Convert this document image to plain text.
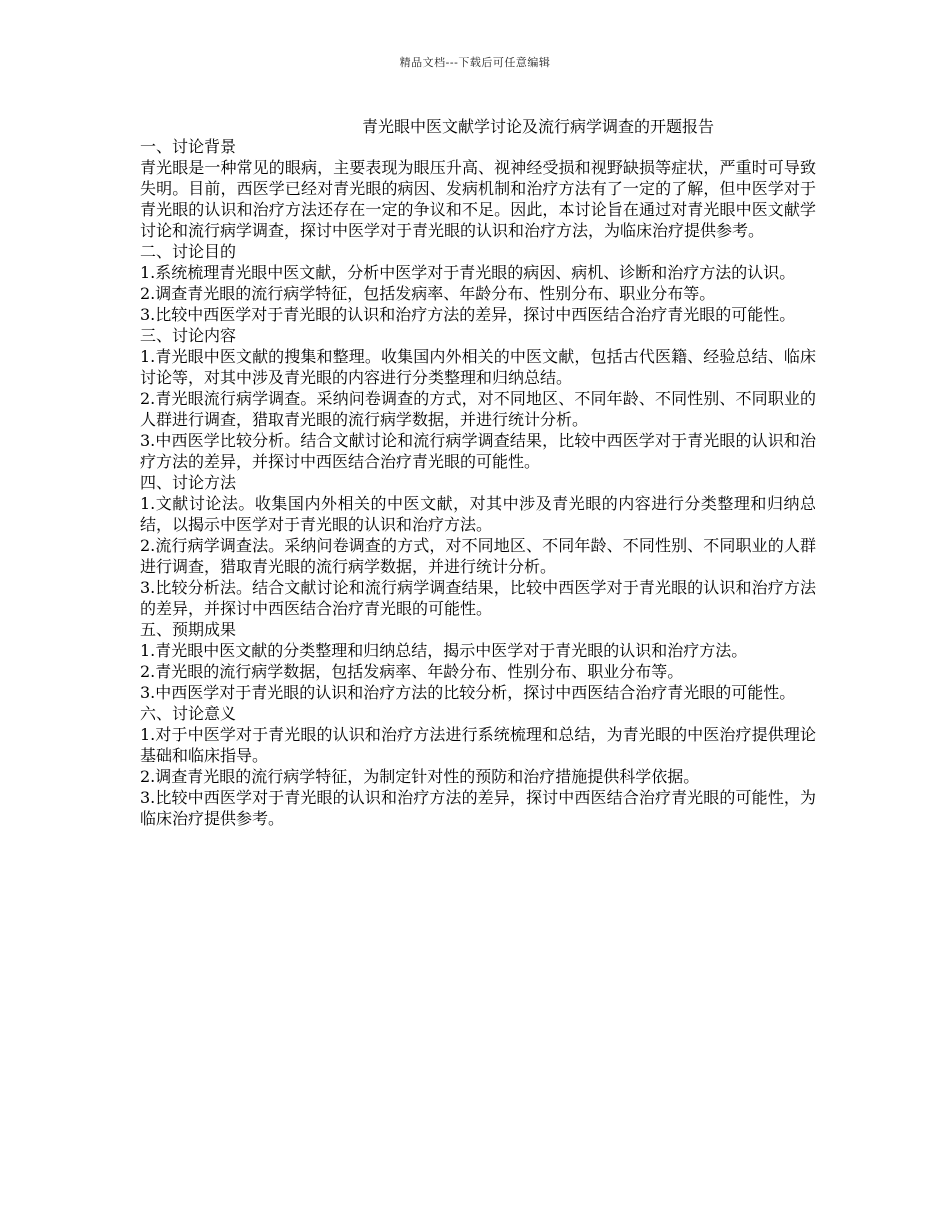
精品文档---下载后可任意编辑
青光眼中医文献学讨论及流行病学调查的开题报告

一、讨论背景

青光眼是一种常见的眼病，主要表现为眼压升高、视神经受损和视野缺损等症状，严重时可导致失明。目前，西医学已经对青光眼的病因、发病机制和治疗方法有了一定的了解，但中医学对于青光眼的认识和治疗方法还存在一定的争议和不足。因此，本讨论旨在通过对青光眼中医文献学讨论和流行病学调查，探讨中医学对于青光眼的认识和治疗方法，为临床治疗提供参考。

二、讨论目的

1.系统梳理青光眼中医文献，分析中医学对于青光眼的病因、病机、诊断和治疗方法的认识。

2.调查青光眼的流行病学特征，包括发病率、年龄分布、性别分布、职业分布等。

3.比较中西医学对于青光眼的认识和治疗方法的差异，探讨中西医结合治疗青光眼的可能性。

三、讨论内容

1.青光眼中医文献的搜集和整理。收集国内外相关的中医文献，包括古代医籍、经验总结、临床讨论等，对其中涉及青光眼的内容进行分类整理和归纳总结。

2.青光眼流行病学调查。采纳问卷调查的方式，对不同地区、不同年龄、不同性别、不同职业的人群进行调查，猎取青光眼的流行病学数据，并进行统计分析。

3.中西医学比较分析。结合文献讨论和流行病学调查结果，比较中西医学对于青光眼的认识和治疗方法的差异，并探讨中西医结合治疗青光眼的可能性。

四、讨论方法

1.文献讨论法。收集国内外相关的中医文献，对其中涉及青光眼的内容进行分类整理和归纳总结，以揭示中医学对于青光眼的认识和治疗方法。

2.流行病学调查法。采纳问卷调查的方式，对不同地区、不同年龄、不同性别、不同职业的人群进行调查，猎取青光眼的流行病学数据，并进行统计分析。

3.比较分析法。结合文献讨论和流行病学调查结果，比较中西医学对于青光眼的认识和治疗方法的差异，并探讨中西医结合治疗青光眼的可能性。

五、预期成果

1.青光眼中医文献的分类整理和归纳总结，揭示中医学对于青光眼的认识和治疗方法。

2.青光眼的流行病学数据，包括发病率、年龄分布、性别分布、职业分布等。

3.中西医学对于青光眼的认识和治疗方法的比较分析，探讨中西医结合治疗青光眼的可能性。

六、讨论意义

1.对于中医学对于青光眼的认识和治疗方法进行系统梳理和总结，为青光眼的中医治疗提供理论基础和临床指导。

2.调查青光眼的流行病学特征，为制定针对性的预防和治疗措施提供科学依据。

3.比较中西医学对于青光眼的认识和治疗方法的差异，探讨中西医结合治疗青光眼的可能性，为临床治疗提供参考。
